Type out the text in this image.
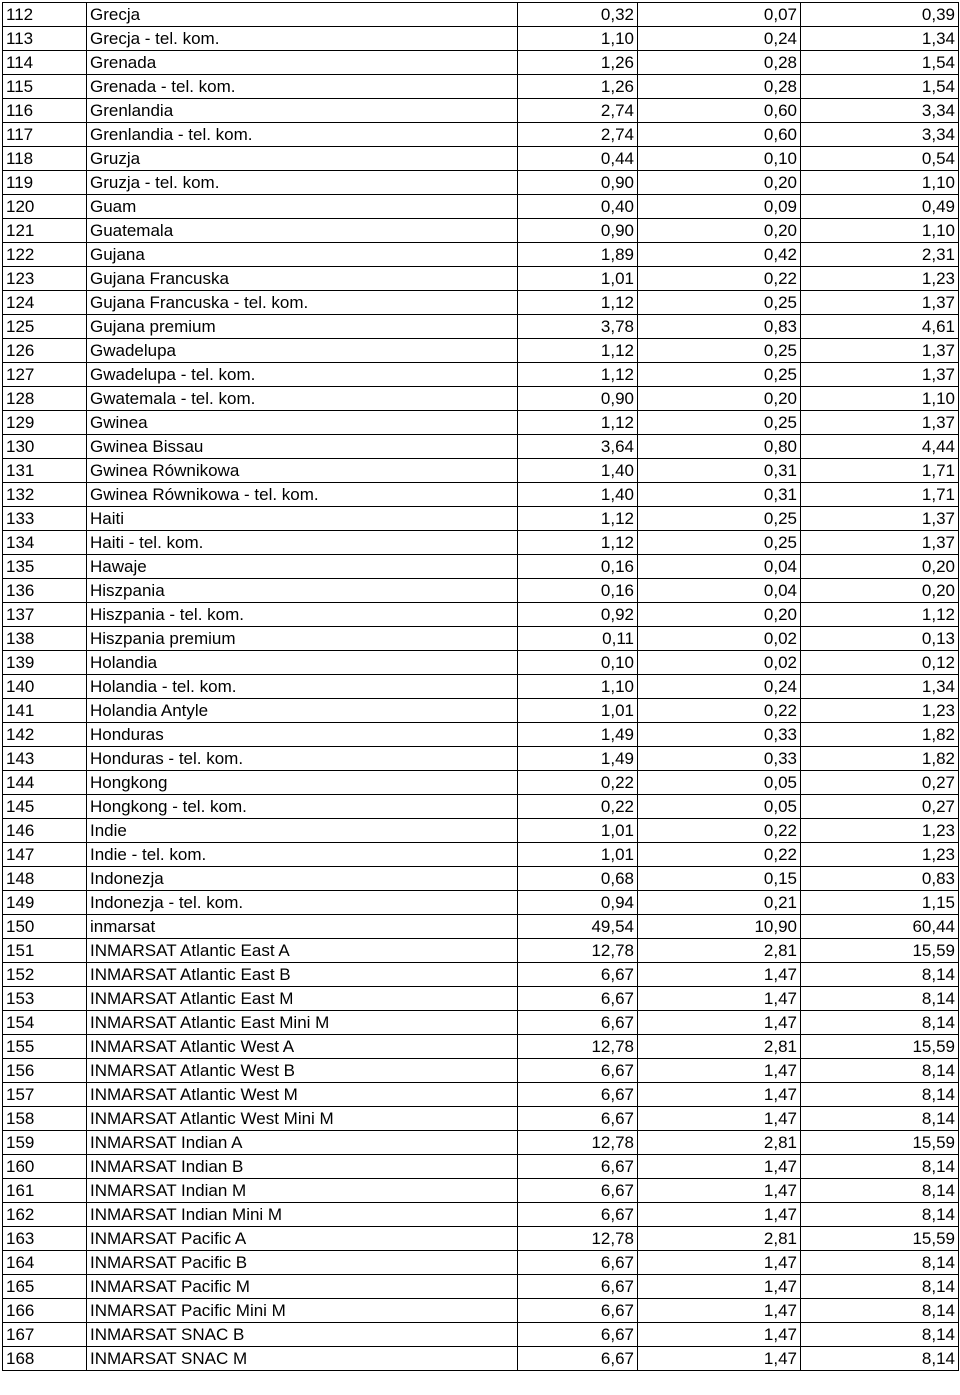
112	Grecja	0,32	0,07	0,39
113	Grecja - tel. kom.	1,10	0,24	1,34
114	Grenada	1,26	0,28	1,54
115	Grenada - tel. kom.	1,26	0,28	1,54
116	Grenlandia	2,74	0,60	3,34
117	Grenlandia - tel. kom.	2,74	0,60	3,34
118	Gruzja	0,44	0,10	0,54
119	Gruzja - tel. kom.	0,90	0,20	1,10
120	Guam	0,40	0,09	0,49
121	Guatemala	0,90	0,20	1,10
122	Gujana	1,89	0,42	2,31
123	Gujana Francuska	1,01	0,22	1,23
124	Gujana Francuska - tel. kom.	1,12	0,25	1,37
125	Gujana premium	3,78	0,83	4,61
126	Gwadelupa	1,12	0,25	1,37
127	Gwadelupa - tel. kom.	1,12	0,25	1,37
128	Gwatemala - tel. kom.	0,90	0,20	1,10
129	Gwinea	1,12	0,25	1,37
130	Gwinea Bissau	3,64	0,80	4,44
131	Gwinea Równikowa	1,40	0,31	1,71
132	Gwinea Równikowa - tel. kom.	1,40	0,31	1,71
133	Haiti	1,12	0,25	1,37
134	Haiti - tel. kom.	1,12	0,25	1,37
135	Hawaje	0,16	0,04	0,20
136	Hiszpania	0,16	0,04	0,20
137	Hiszpania - tel. kom.	0,92	0,20	1,12
138	Hiszpania premium	0,11	0,02	0,13
139	Holandia	0,10	0,02	0,12
140	Holandia - tel. kom.	1,10	0,24	1,34
141	Holandia Antyle	1,01	0,22	1,23
142	Honduras	1,49	0,33	1,82
143	Honduras - tel. kom.	1,49	0,33	1,82
144	Hongkong	0,22	0,05	0,27
145	Hongkong - tel. kom.	0,22	0,05	0,27
146	Indie	1,01	0,22	1,23
147	Indie - tel. kom.	1,01	0,22	1,23
148	Indonezja	0,68	0,15	0,83
149	Indonezja - tel. kom.	0,94	0,21	1,15
150	inmarsat	49,54	10,90	60,44
151	INMARSAT Atlantic East A	12,78	2,81	15,59
152	INMARSAT Atlantic East B	6,67	1,47	8,14
153	INMARSAT Atlantic East M	6,67	1,47	8,14
154	INMARSAT Atlantic East Mini M	6,67	1,47	8,14
155	INMARSAT Atlantic West A	12,78	2,81	15,59
156	INMARSAT Atlantic West B	6,67	1,47	8,14
157	INMARSAT Atlantic West M	6,67	1,47	8,14
158	INMARSAT Atlantic West Mini M	6,67	1,47	8,14
159	INMARSAT Indian A	12,78	2,81	15,59
160	INMARSAT Indian B	6,67	1,47	8,14
161	INMARSAT Indian M	6,67	1,47	8,14
162	INMARSAT Indian Mini M	6,67	1,47	8,14
163	INMARSAT Pacific A	12,78	2,81	15,59
164	INMARSAT Pacific B	6,67	1,47	8,14
165	INMARSAT Pacific M	6,67	1,47	8,14
166	INMARSAT Pacific Mini M	6,67	1,47	8,14
167	INMARSAT SNAC B	6,67	1,47	8,14
168	INMARSAT SNAC M	6,67	1,47	8,14
